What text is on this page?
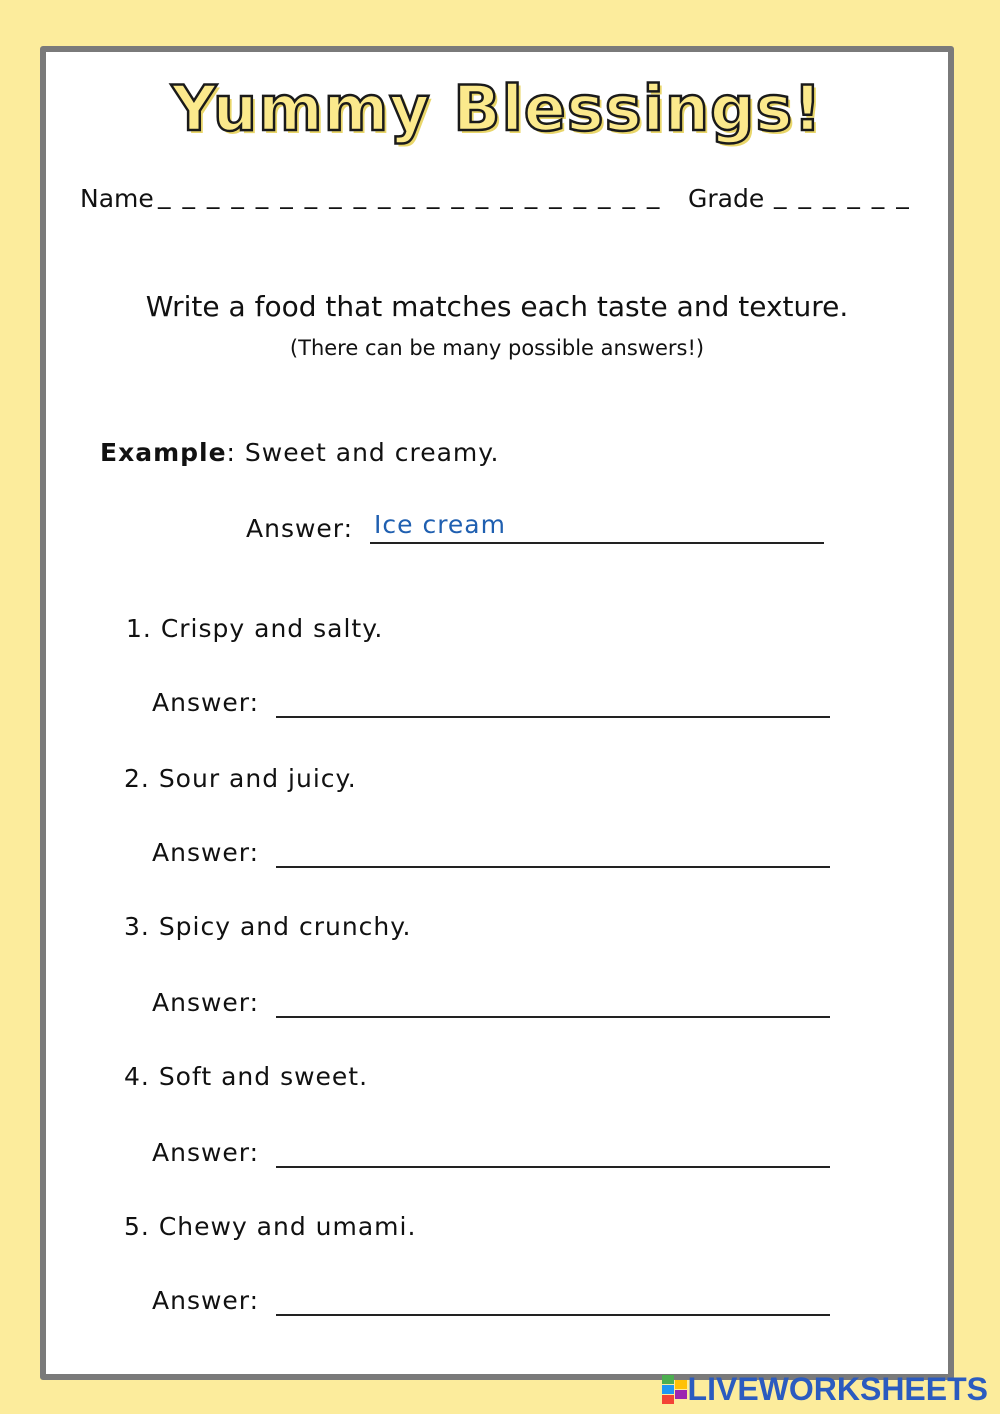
Yummy Blessings!
Name _ _ _ _ _ _ _ _ _ _ _ _ _ _ _ _ _ _ _ _ _ Grade _ _ _ _ _ _
Write a food that matches each taste and texture.
(There can be many possible answers!)
Example: Sweet and creamy.
Answer: Ice cream
1. Crispy and salty.
Answer:
2. Sour and juicy.
Answer:
3. Spicy and crunchy.
Answer:
4. Soft and sweet.
Answer:
5. Chewy and umami.
Answer:
LIVEWORKSHEETS
